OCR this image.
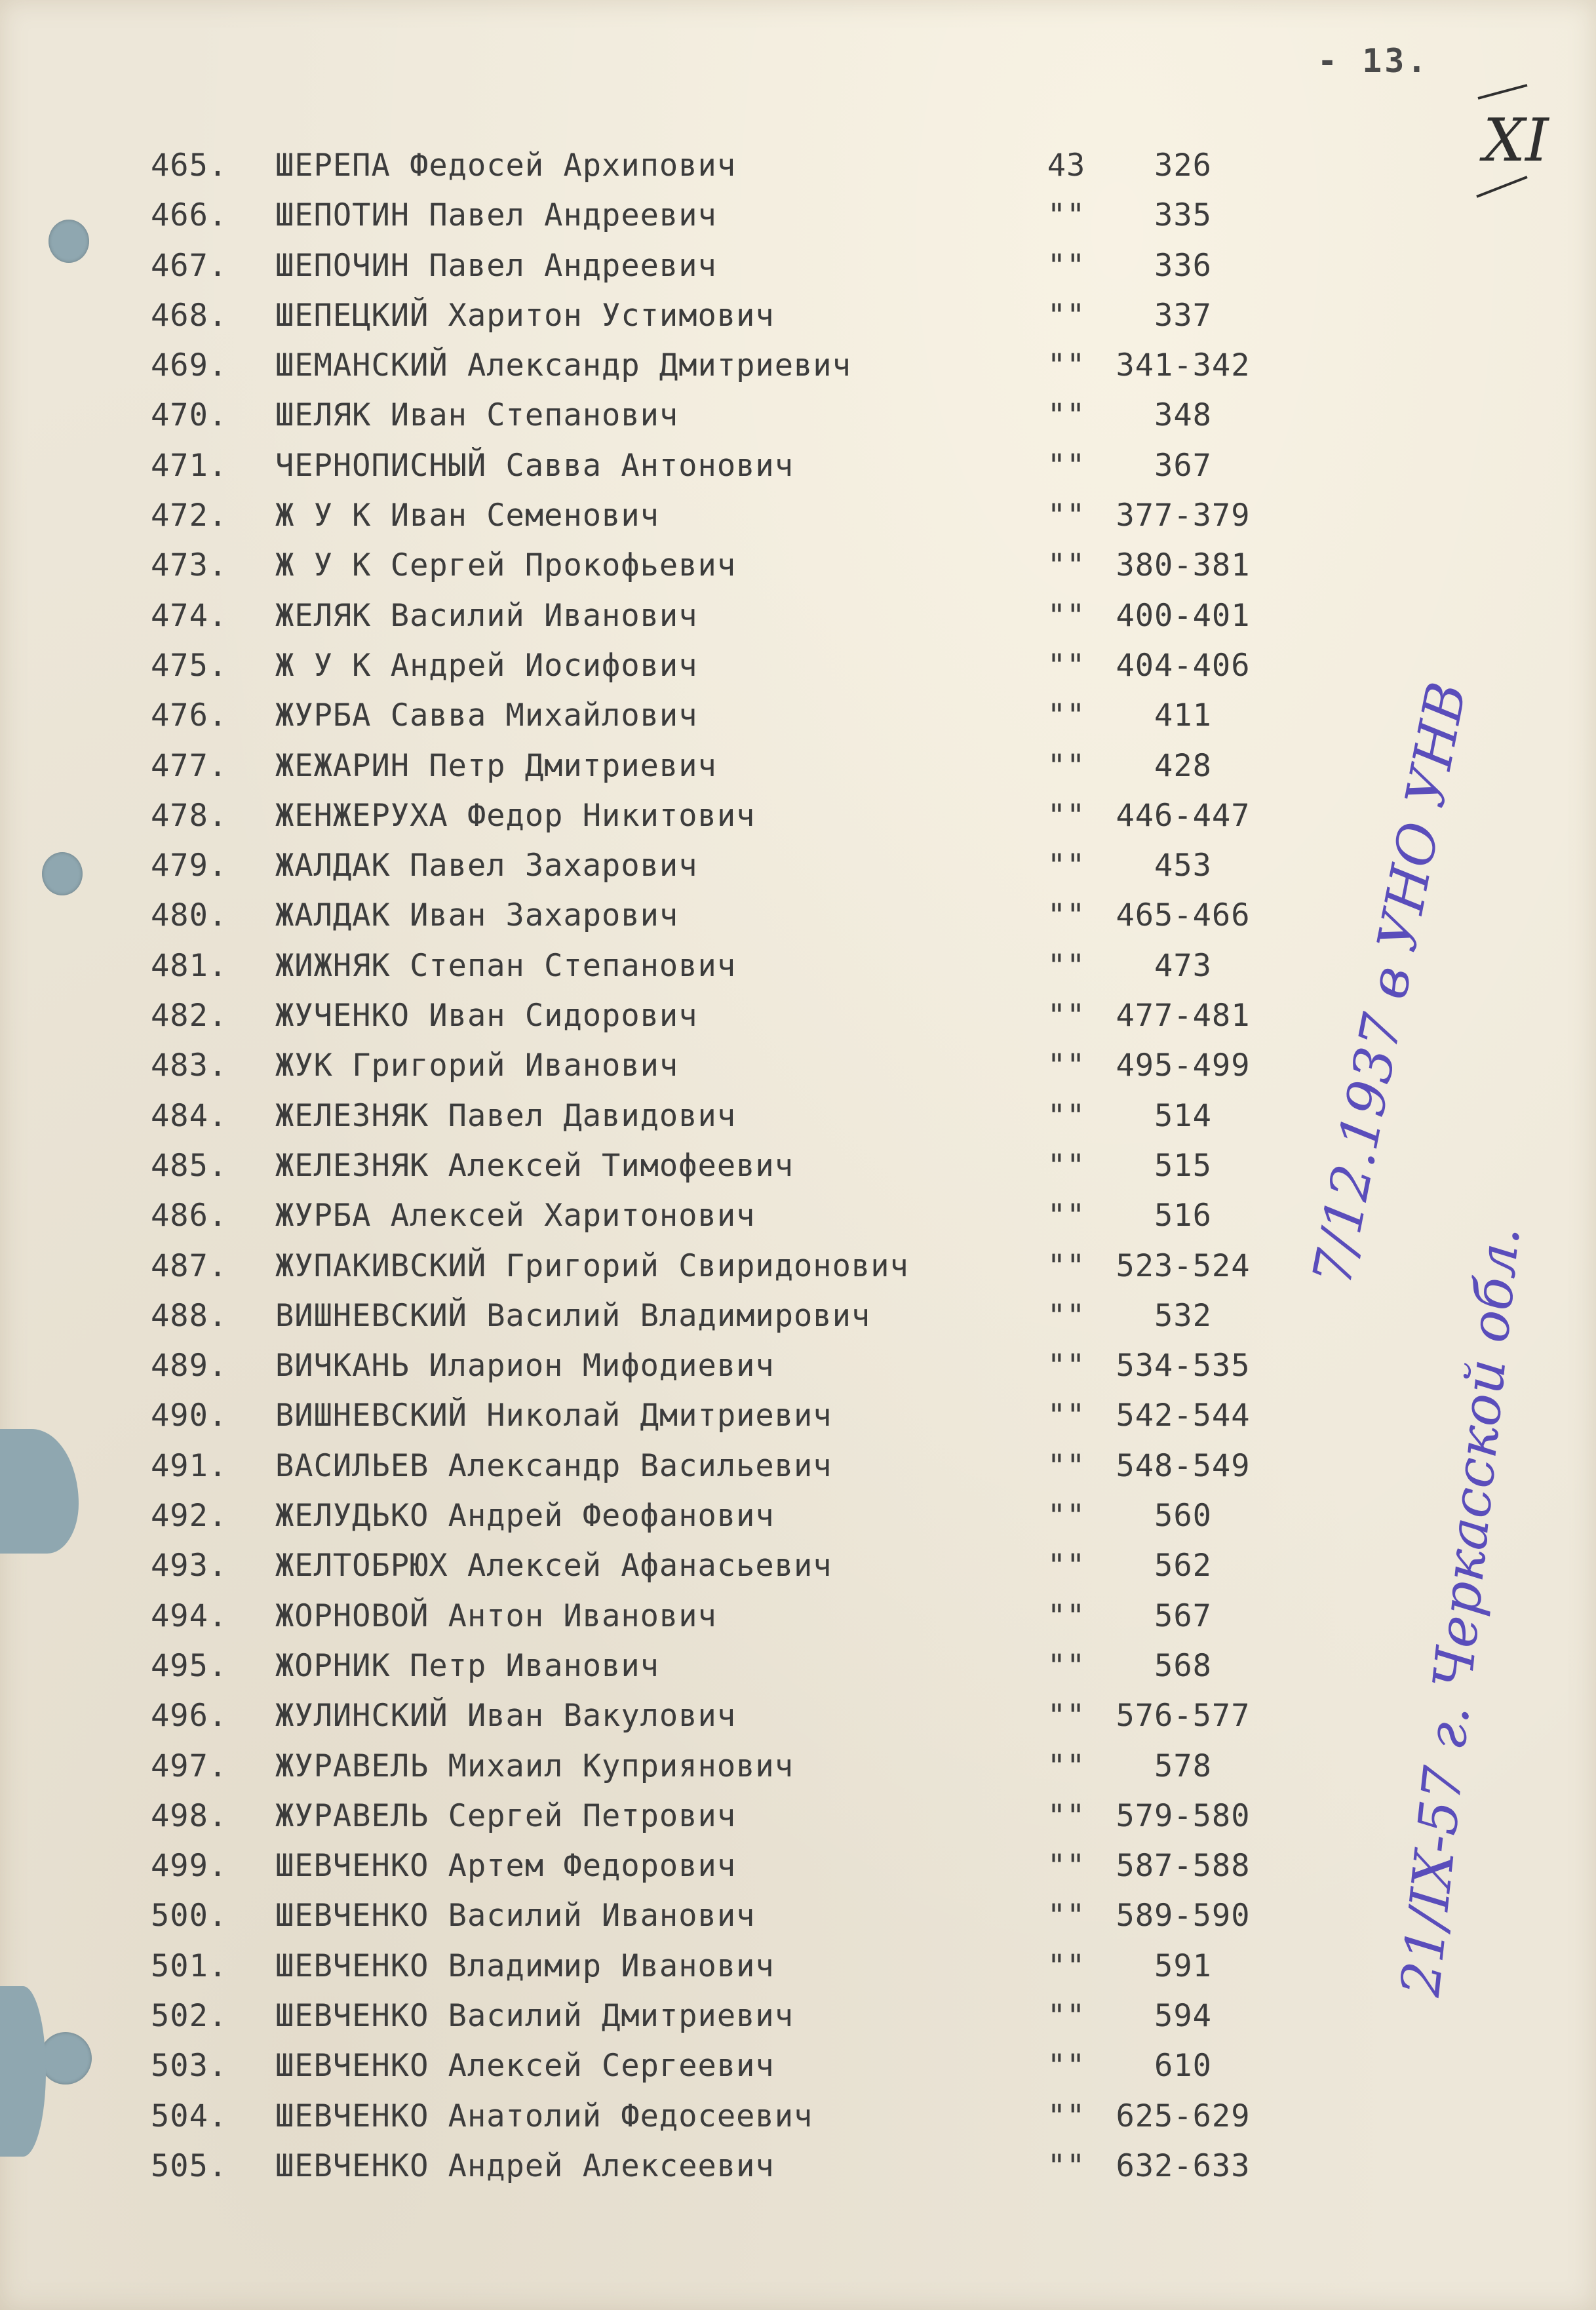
- 13.
XI
465.	ШЕРЕПА Федосей Архипович	43	326
466.	ШЕПОТИН Павел Андреевич	""	335
467.	ШЕПОЧИН Павел Андреевич	""	336
468.	ШЕПЕЦКИЙ Харитон Устимович	""	337
469.	ШЕМАНСКИЙ Александр Дмитриевич	"" 341-342
470.	ШЕЛЯК Иван Степанович	""	348
471.	ЧЕРНОПИСНЫЙ Савва Антонович	""	367
472.	Ж У К Иван Семенович	"" 377-379
473.	Ж У К Сергей Прокофьевич	"" 380-381
474.	ЖЕЛЯК Василий Иванович	"" 400-401
475.	Ж У К Андрей Иосифович	"" 404-406
476.	ЖУРБА Савва Михайлович	""	411
477.	ЖЕЖАРИН Петр Дмитриевич	""	428
478.	ЖЕНЖЕРУХА Федор Никитович	"" 446-447
479.	ЖАЛДАК Павел Захарович	""	453
480.	ЖАЛДАК Иван Захарович	"" 465-466
481.	ЖИЖНЯК Степан Степанович	""	473
482.	ЖУЧЕНКО Иван Сидорович	"" 477-481
483.	ЖУК Григорий Иванович	"" 495-499
484.	ЖЕЛЕЗНЯК Павел Давидович	""	514
485.	ЖЕЛЕЗНЯК Алексей Тимофеевич	""	515
486.	ЖУРБА Алексей Харитонович	""	516
487.	ЖУПАКИВСКИЙ Григорий Свиридонович	"" 523-524
488.	ВИШНЕВСКИЙ Василий Владимирович	""	532
489.	ВИЧКАНЬ Иларион Мифодиевич	"" 534-535
490.	ВИШНЕВСКИЙ Николай Дмитриевич	"" 542-544
491.	ВАСИЛЬЕВ Александр Васильевич	"" 548-549
492.	ЖЕЛУДЬКО Андрей Феофанович	""	560
493.	ЖЕЛТОБРЮХ Алексей Афанасьевич	""	562
494.	ЖОРНОВОЙ Антон Иванович	""	567
495.	ЖОРНИК Петр Иванович	""	568
496.	ЖУЛИНСКИЙ Иван Вакулович	"" 576-577
497.	ЖУРАВЕЛЬ Михаил Куприянович	""	578
498.	ЖУРАВЕЛЬ Сергей Петрович	"" 579-580
499.	ШЕВЧЕНКО Артем Федорович	"" 587-588
500.	ШЕВЧЕНКО Василий Иванович	"" 589-590
501.	ШЕВЧЕНКО Владимир Иванович	""	591
502.	ШЕВЧЕНКО Василий Дмитриевич	""	594
503.	ШЕВЧЕНКО Алексей Сергеевич	""	610
504.	ШЕВЧЕНКО Анатолий Федосеевич	"" 625-629
505.	ШЕВЧЕНКО Андрей Алексеевич	"" 632-633
7/12.1937 в УНО УНВ
21/IX-57 г. Черкасской обл.
